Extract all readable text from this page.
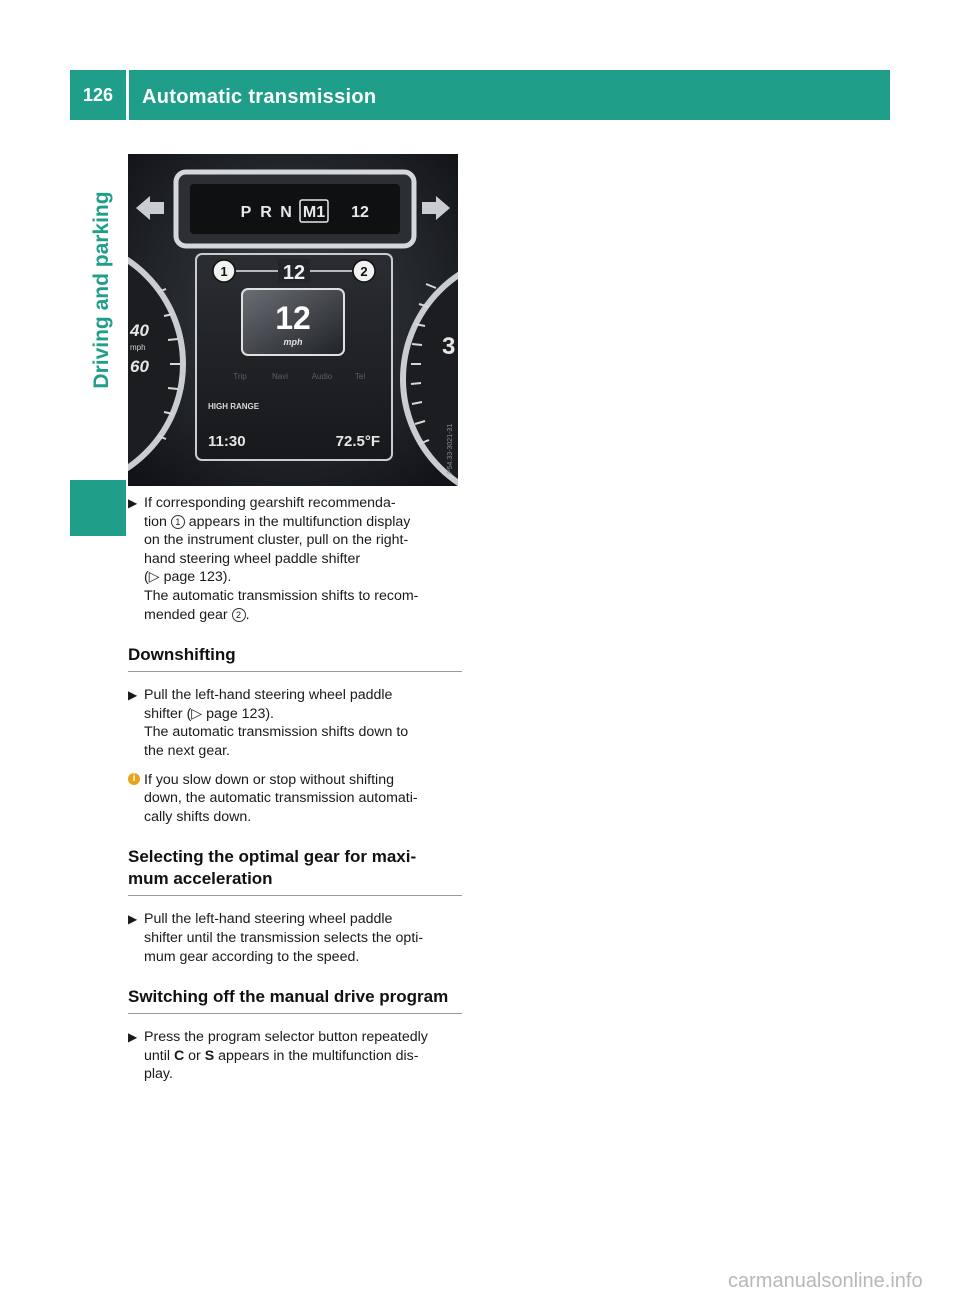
126	Automatic transmission
Driving and parking 40
mph
60
3
P R N M1 12
1	2
12
12
mph
Trip	Navi	Audio	Tel
HIGH RANGE
11:30	72.5°F	P54.33-3021-31
▶ If corresponding gearshift recommenda-
tion 1 appears in the multifunction display
on the instrument cluster, pull on the right-
hand steering wheel paddle shifter
(▷ page 123).
The automatic transmission shifts to recom-
mended gear 2 .
Downshifting
▶ Pull the left-hand steering wheel paddle
shifter (▷ page 123).
The automatic transmission shifts down to
the next gear.
i If you slow down or stop without shifting
down, the automatic transmission automati-
cally shifts down.
Selecting the optimal gear for maxi-
mum acceleration
▶ Pull the left-hand steering wheel paddle
shifter until the transmission selects the opti-
mum gear according to the speed.
Switching off the manual drive program
▶ Press the program selector button repeatedly
until C or S appears in the multifunction dis-
play.
carmanualsonline.info
